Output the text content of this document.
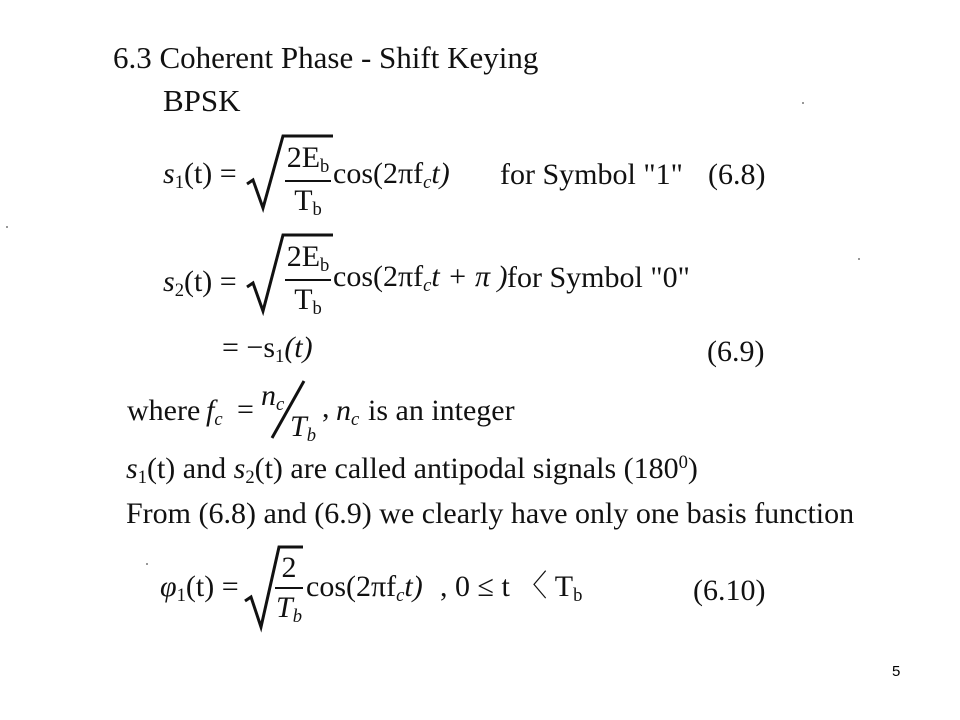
6.3 Coherent Phase - Shift Keying
BPSK
$s_1(t) = 2E_b$
$T_b$
$\cos(2\pi f_ct)$ for Symbol "1" (6.8)
$s_2(t)$ =
$2E_b$
$T_b$
$\cos(2\pi f_ct + \pi$ ) for Symbol "0"
= $-s_1(t)$	(6.9)
where $f_c = n_c$
$T_b$
, $n_c$ is an integer
$s_1(t)$ and $s_2(t)$ are called antipodal signals $(180^0)$
From (6.8) and (6.9) we clearly have only one basis function
$\varphi_1(t)$ =
2
$T_b$
$\cos(2\pi f_ct)$ , 0 ≤ t 〈 $T_b$	(6.10)
5
